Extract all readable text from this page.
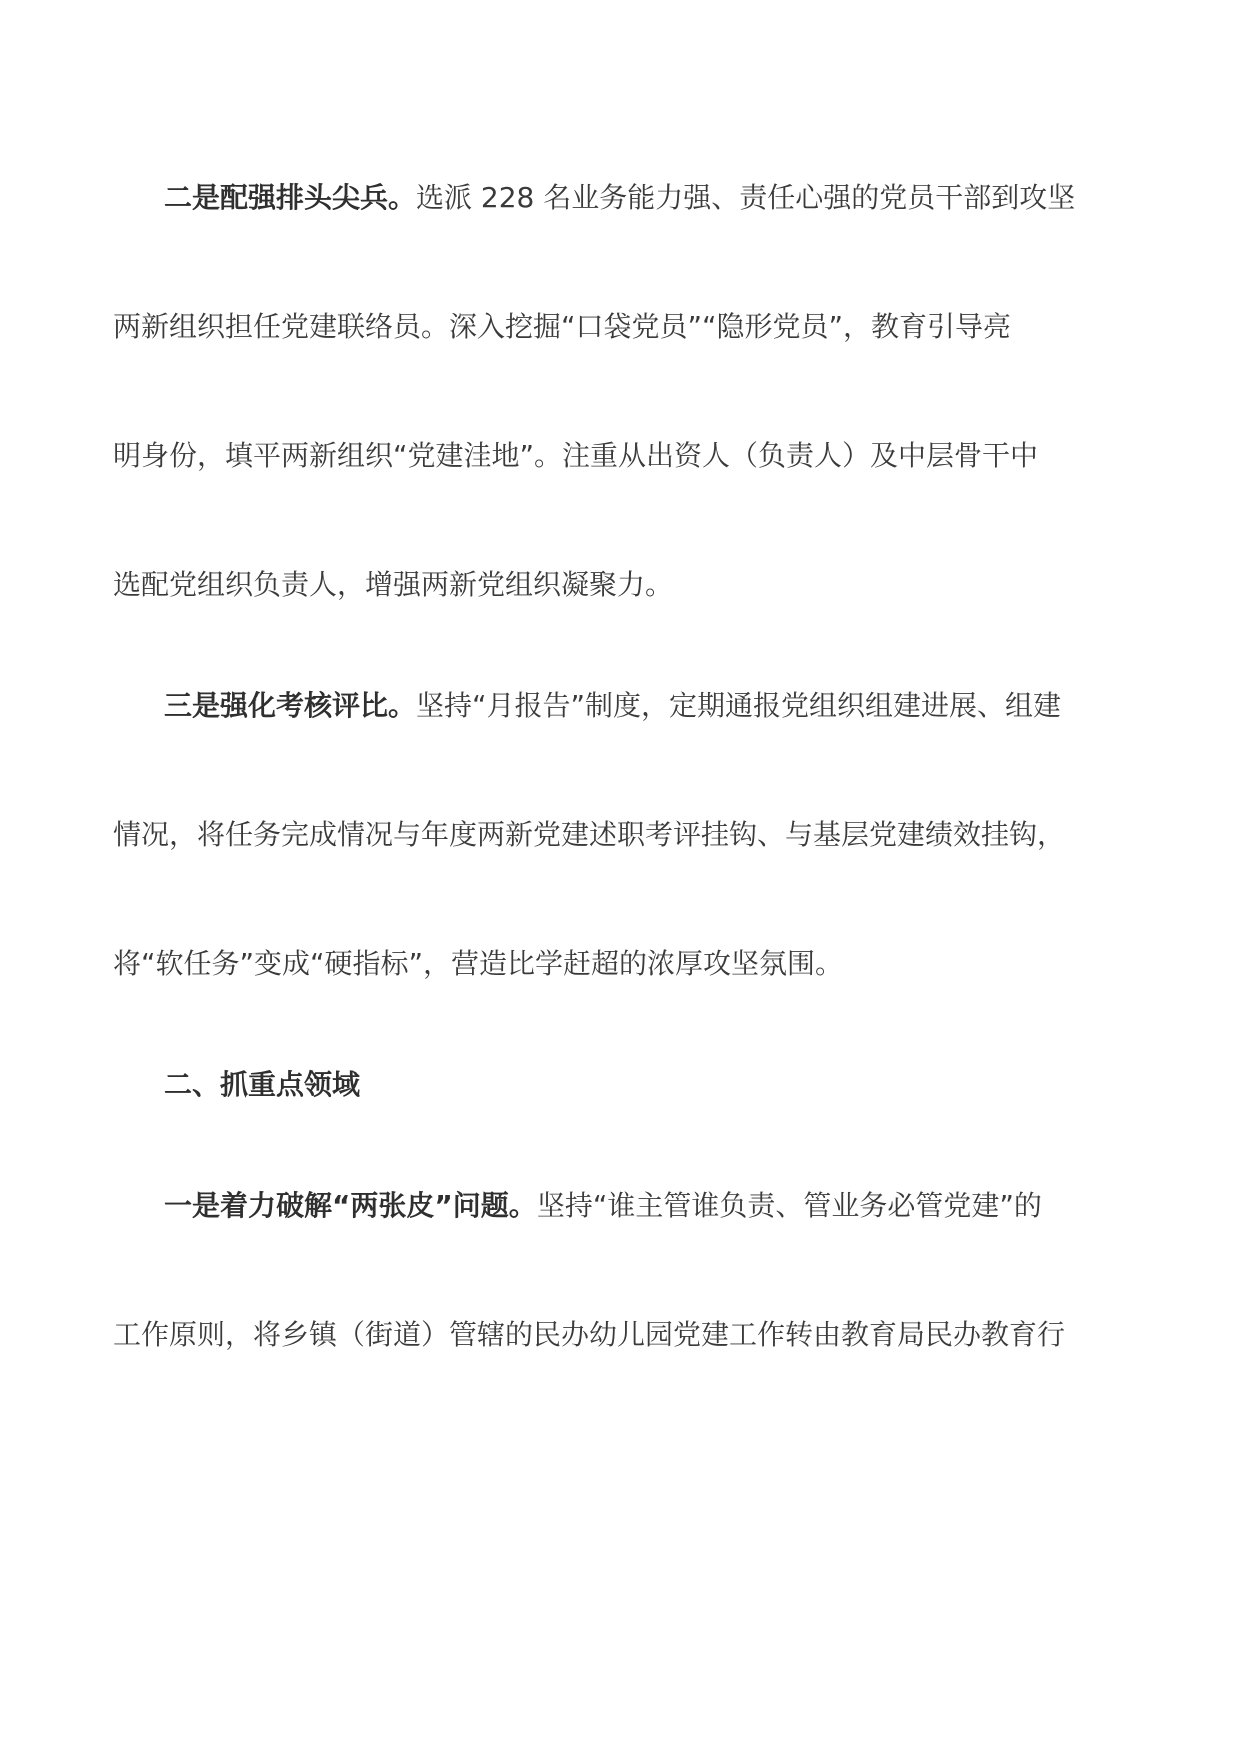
二是配强排头尖兵。选派 228 名业务能力强、责任心强的党员干部到攻坚
两新组织担任党建联络员。深入挖掘“口袋党员”“隐形党员”，教育引导亮
明身份，填平两新组织“党建洼地”。注重从出资人（负责人）及中层骨干中
选配党组织负责人，增强两新党组织凝聚力。
三是强化考核评比。坚持“月报告”制度，定期通报党组织组建进展、组建
情况，将任务完成情况与年度两新党建述职考评挂钩、与基层党建绩效挂钩，
将“软任务”变成“硬指标”，营造比学赶超的浓厚攻坚氛围。
二、抓重点领域
一是着力破解“两张皮”问题。坚持“谁主管谁负责、管业务必管党建”的
工作原则，将乡镇（街道）管辖的民办幼儿园党建工作转由教育局民办教育行
